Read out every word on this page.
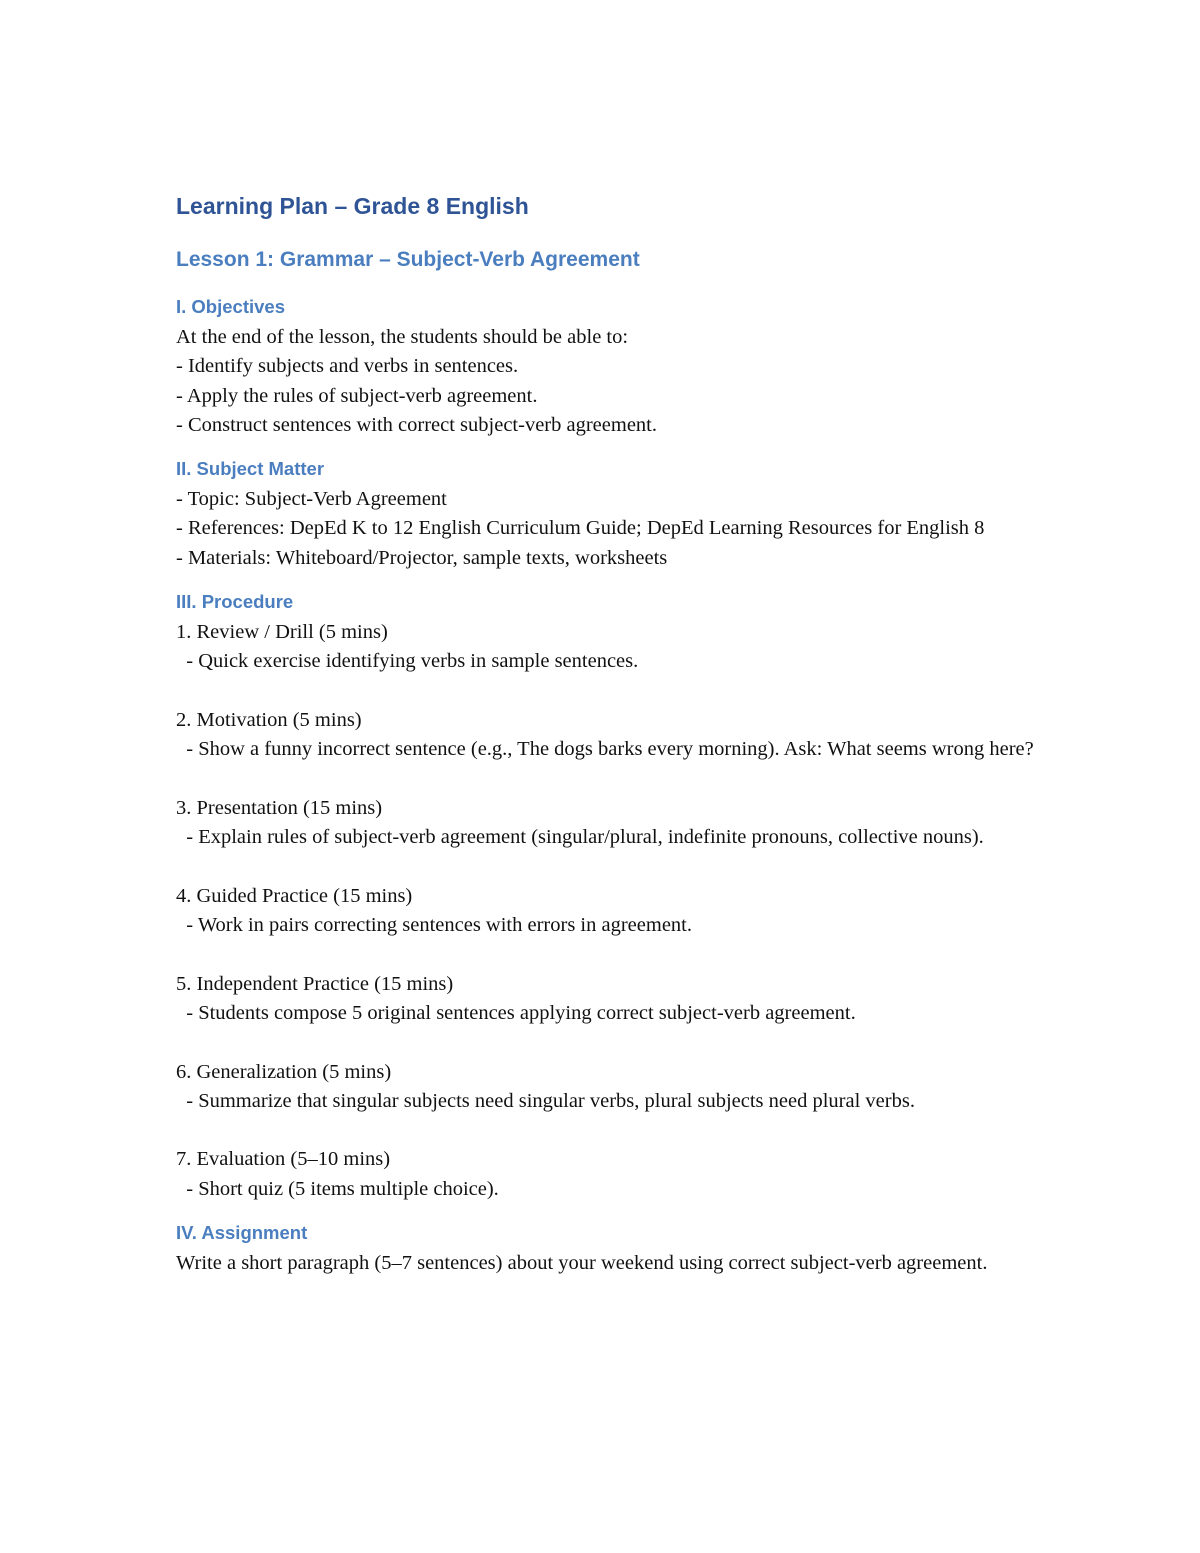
Learning Plan – Grade 8 English
Lesson 1: Grammar – Subject-Verb Agreement
I. Objectives

At the end of the lesson, the students should be able to:

- Identify subjects and verbs in sentences.

- Apply the rules of subject-verb agreement.

- Construct sentences with correct subject-verb agreement.

II. Subject Matter

- Topic: Subject-Verb Agreement

- References: DepEd K to 12 English Curriculum Guide; DepEd Learning Resources for English 8

- Materials: Whiteboard/Projector, sample texts, worksheets

III. Procedure

1. Review / Drill (5 mins)

- Quick exercise identifying verbs in sample sentences.

2. Motivation (5 mins)

- Show a funny incorrect sentence (e.g., The dogs barks every morning). Ask: What seems wrong here?

3. Presentation (15 mins)

- Explain rules of subject-verb agreement (singular/plural, indefinite pronouns, collective nouns).

4. Guided Practice (15 mins)

- Work in pairs correcting sentences with errors in agreement.

5. Independent Practice (15 mins)

- Students compose 5 original sentences applying correct subject-verb agreement.

6. Generalization (5 mins)

- Summarize that singular subjects need singular verbs, plural subjects need plural verbs.

7. Evaluation (5–10 mins)

- Short quiz (5 items multiple choice).

IV. Assignment

Write a short paragraph (5–7 sentences) about your weekend using correct subject-verb agreement.
